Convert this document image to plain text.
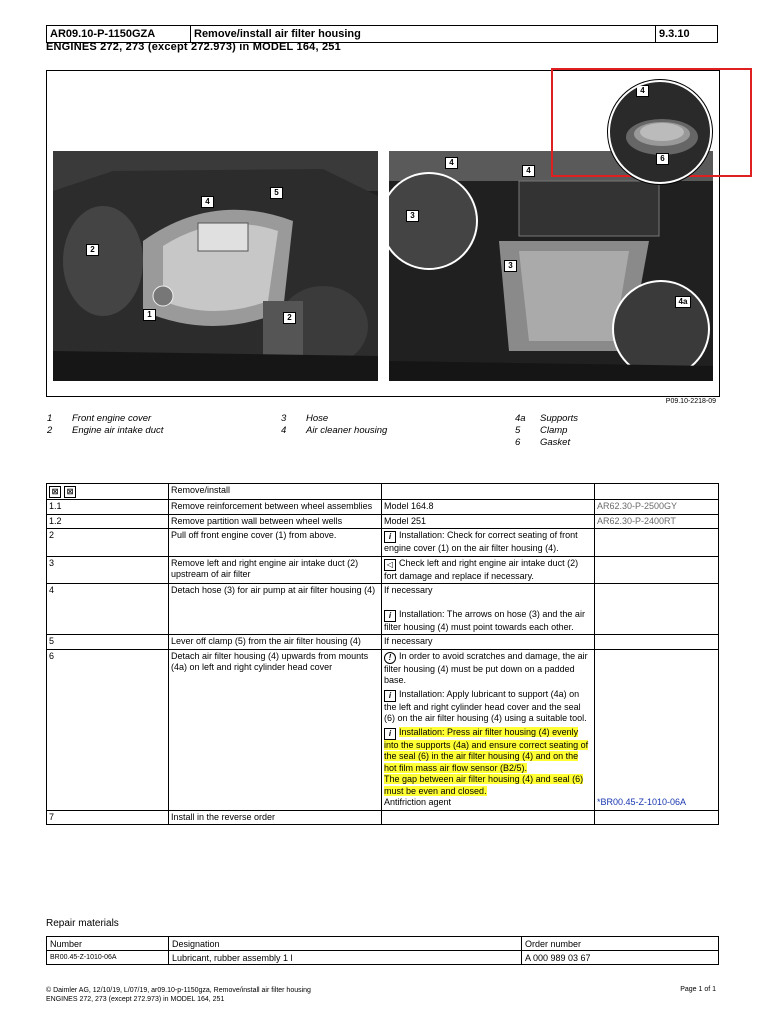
AR09.10-P-1150GZA	Remove/install air filter housing	9.3.10
ENGINES 272, 273 (except 272.973) in MODEL 164, 251
5
4
2
1	2
4
4
3
3
4a
4
6
P09.10-2218-09
1 Front engine cover
2 Engine air intake duct
3 Hose
4 Air cleaner housing
4a Supports
5 Clamp
6 Gasket
⊠ ⊠	Remove/install		
1.1	Remove reinforcement between wheel assemblies	Model 164.8	AR62.30-P-2500GY
1.2	Remove partition wall between wheel wells	Model 251	AR62.30-P-2400RT
2	Pull off front engine cover (1) from above.	i Installation: Check for correct seating of front engine cover (1) on the air filter housing (4).	
3	Remove left and right engine air intake duct (2) upstream of air filter	◁ Check left and right engine air intake duct (2) fort damage and replace if necessary.	
4	Detach hose (3) for air pump at air filter housing (4)	If necessary
i Installation: The arrows on hose (3) and the air filter housing (4) must point towards each other.	

5	Lever off clamp (5) from the air filter housing (4)	If necessary	
6	Detach air filter housing (4) upwards from mounts (4a) on left and right cylinder head cover	! In order to avoid scratches and damage, the air filter housing (4) must be put down on a padded base.
i Installation: Apply lubricant to support (4a) on the left and right cylinder head cover and the seal (6) on the air filter housing (4) using a suitable tool.
i Installation: Press air filter housing (4) evenly into the supports (4a) and ensure correct seating of the seal (6) in the air filter housing (4) and on the hot film mass air flow sensor (B2/5).
The gap between air filter housing (4) and seal (6) must be even and closed.
Antifriction agent	*BR00.45-Z-1010-06A
7	Install in the reverse order		
Repair materials
Number	Designation	Order number
BR00.45-Z-1010-06A	Lubricant, rubber assembly 1 l	A 000 989 03 67
© Daimler AG, 12/10/19, L/07/19, ar09.10-p-1150gza, Remove/install air filter housing
ENGINES 272, 273 (except 272.973) in MODEL 164, 251
Page 1 of 1
